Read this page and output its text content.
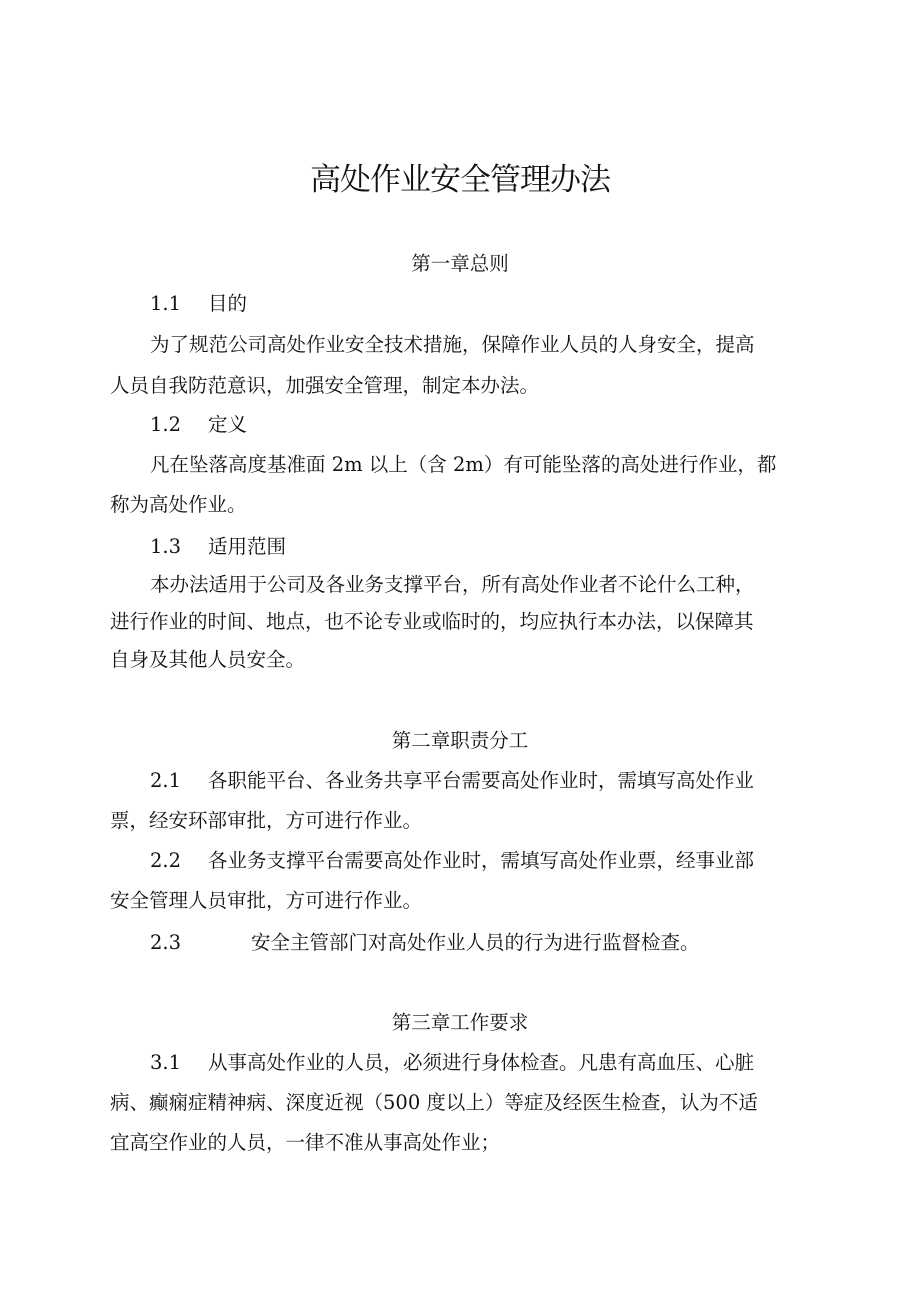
高处作业安全管理办法
第一章总则
1.1 目的
为了规范公司高处作业安全技术措施，保障作业人员的人身安全，提高
人员自我防范意识，加强安全管理，制定本办法。
1.2 定义
凡在坠落高度基准面 2m 以上（含 2m）有可能坠落的高处进行作业，都
称为高处作业。
1.3 适用范围
本办法适用于公司及各业务支撑平台，所有高处作业者不论什么工种，
进行作业的时间、地点，也不论专业或临时的，均应执行本办法，以保障其
自身及其他人员安全。
第二章职责分工
2.1 各职能平台、各业务共享平台需要高处作业时，需填写高处作业
票，经安环部审批，方可进行作业。
2.2 各业务支撑平台需要高处作业时，需填写高处作业票，经事业部
安全管理人员审批，方可进行作业。
2.3	安全主管部门对高处作业人员的行为进行监督检查。
第三章工作要求
3.1 从事高处作业的人员，必须进行身体检查。凡患有高血压、心脏
病、癫痫症精神病、深度近视（500 度以上）等症及经医生检查，认为不适
宜高空作业的人员，一律不准从事高处作业；
